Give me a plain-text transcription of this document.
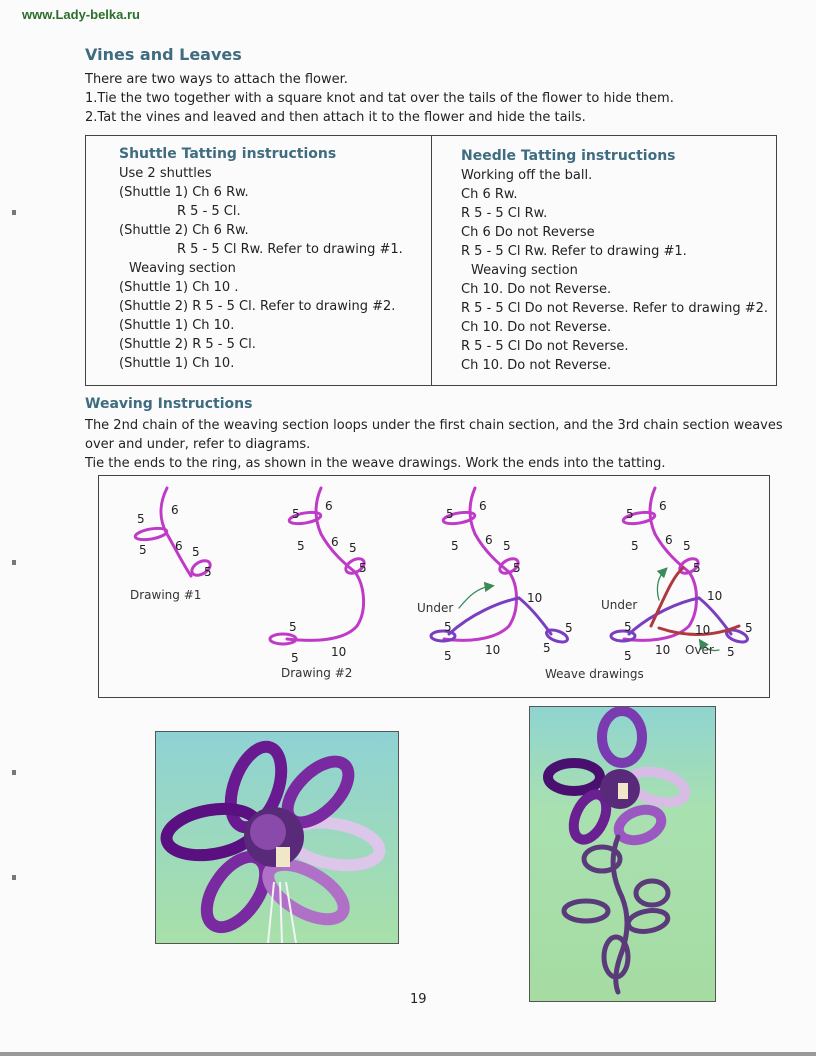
www.Lady-belka.ru
Vines and Leaves

There are two ways to attach the flower.

1.Tie the two together with a square knot and tat over the tails of the flower to hide them.

2.Tat the vines and leaved and then attach it to the flower and hide the tails.

Shuttle Tatting instructions
Use 2 shuttles
(Shuttle 1) Ch 6 Rw.
R 5 - 5 Cl.
(Shuttle 2) Ch 6 Rw.
R 5 - 5 Cl Rw. Refer to drawing #1.
Weaving section
(Shuttle 1) Ch 10 .
(Shuttle 2) R 5 - 5 Cl. Refer to drawing #2.
(Shuttle 1) Ch 10.
(Shuttle 2) R 5 - 5 Cl.
(Shuttle 1) Ch 10.
Needle Tatting instructions
Working off the ball.
Ch 6 Rw.
R 5 - 5 Cl Rw.
Ch 6 Do not Reverse
R 5 - 5 Cl Rw. Refer to drawing #1.
Weaving section
Ch 10. Do not Reverse.
R 5 - 5 Cl Do not Reverse. Refer to drawing #2.
Ch 10. Do not Reverse.
R 5 - 5 Cl Do not Reverse.
Ch 10. Do not Reverse.
Weaving Instructions

The 2nd chain of the weaving section loops under the first chain section, and the 3rd chain section weaves over and under, refer to diagrams.

Tie the ends to the ring, as shown in the weave drawings. Work the ends into the tatting.

6
5
5 6 5
5
Drawing #1
6
5
5 6 5
5
5
5	10
Drawing #2
Under
6
5
5 6 5
5
10
5
5	10
5
5
Under
Over
6
5
5 6 5
5
10
10
5
5 10
5
5
Weave drawings
19
